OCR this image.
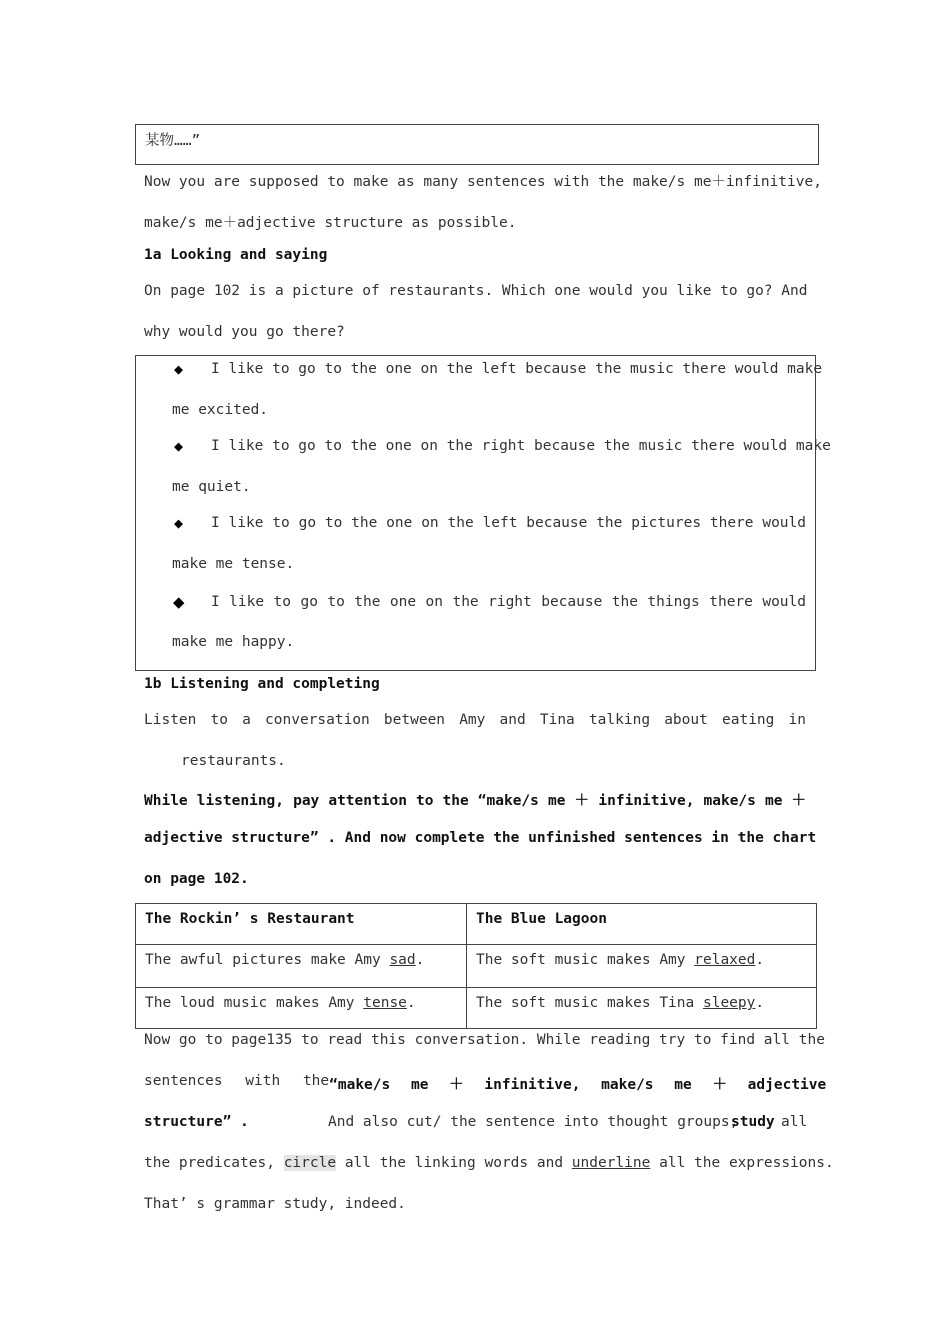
某物……”
Now you are supposed to make as many sentences with the make/s me＋infinitive,
make/s me＋adjective structure as possible.
1a Looking and saying
On page 102 is a picture of restaurants. Which one would you like to go? And
why would you go there?
◆ I like to go to the one on the left because the music there would make
me excited.
◆ I like to go to the one on the right because the music there would make
me quiet.
◆ I like to go to the one on the left because the pictures there would
make me tense.
◆ I like to go to the one on the right because the things there would
make me happy.
1b Listening and completing
Listen to a conversation between Amy and Tina talking about eating in
restaurants.
While listening, pay attention to the “make/s me ＋ infinitive, make/s me ＋
adjective structure” . And now complete the unfinished sentences in the chart
on page 102.
The Rockin’ s Restaurant	The Blue Lagoon
The awful pictures make Amy sad.	The soft music makes Amy relaxed.
The loud music makes Amy tense.	The soft music makes Tina sleepy.
Now go to page135 to read this conversation. While reading try to find all the
sentences with the “make/s me ＋ infinitive, make/s me ＋ adjective
structure” .	And also cut/ the sentence into thought groups,
study all
the predicates, circle all the linking words and underline all the expressions.
That’ s grammar study, indeed.
